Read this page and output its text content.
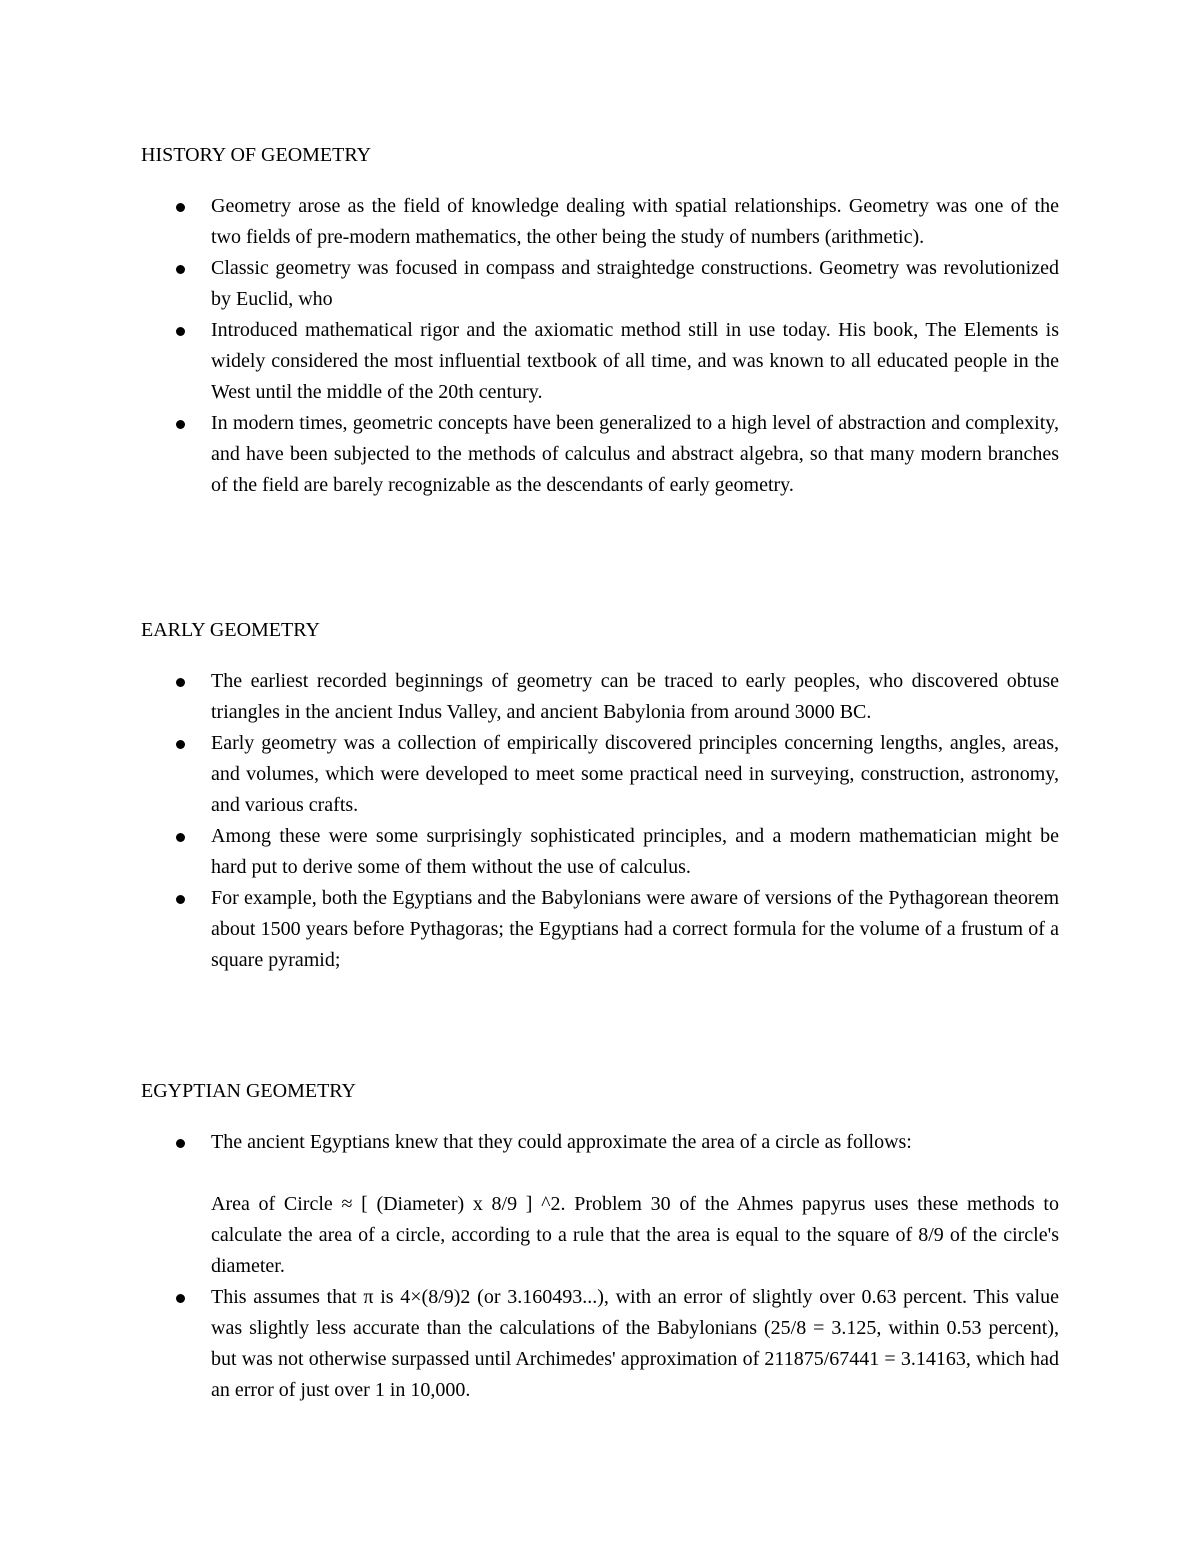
HISTORY OF GEOMETRY
Geometry arose as the field of knowledge dealing with spatial relationships. Geometry was one of the two fields of pre-modern mathematics, the other being the study of numbers (arithmetic).
Classic geometry was focused in compass and straightedge constructions. Geometry was revolutionized by Euclid, who
Introduced mathematical rigor and the axiomatic method still in use today. His book, The Elements is widely considered the most influential textbook of all time, and was known to all educated people in the West until the middle of the 20th century.
In modern times, geometric concepts have been generalized to a high level of abstraction and complexity, and have been subjected to the methods of calculus and abstract algebra, so that many modern branches of the field are barely recognizable as the descendants of early geometry.
EARLY GEOMETRY
The earliest recorded beginnings of geometry can be traced to early peoples, who discovered obtuse triangles in the ancient Indus Valley, and ancient Babylonia from around 3000 BC.
Early geometry was a collection of empirically discovered principles concerning lengths, angles, areas, and volumes, which were developed to meet some practical need in surveying, construction, astronomy, and various crafts.
Among these were some surprisingly sophisticated principles, and a modern mathematician might be hard put to derive some of them without the use of calculus.
For example, both the Egyptians and the Babylonians were aware of versions of the Pythagorean theorem about 1500 years before Pythagoras; the Egyptians had a correct formula for the volume of a frustum of a square pyramid;
EGYPTIAN GEOMETRY
The ancient Egyptians knew that they could approximate the area of a circle as follows:
Area of Circle ≈ [ (Diameter) x 8/9 ] ^2. Problem 30 of the Ahmes papyrus uses these methods to calculate the area of a circle, according to a rule that the area is equal to the square of 8/9 of the circle's diameter.
This assumes that π is 4×(8/9)2 (or 3.160493...), with an error of slightly over 0.63 percent. This value was slightly less accurate than the calculations of the Babylonians (25/8 = 3.125, within 0.53 percent), but was not otherwise surpassed until Archimedes' approximation of 211875/67441 = 3.14163, which had an error of just over 1 in 10,000.
